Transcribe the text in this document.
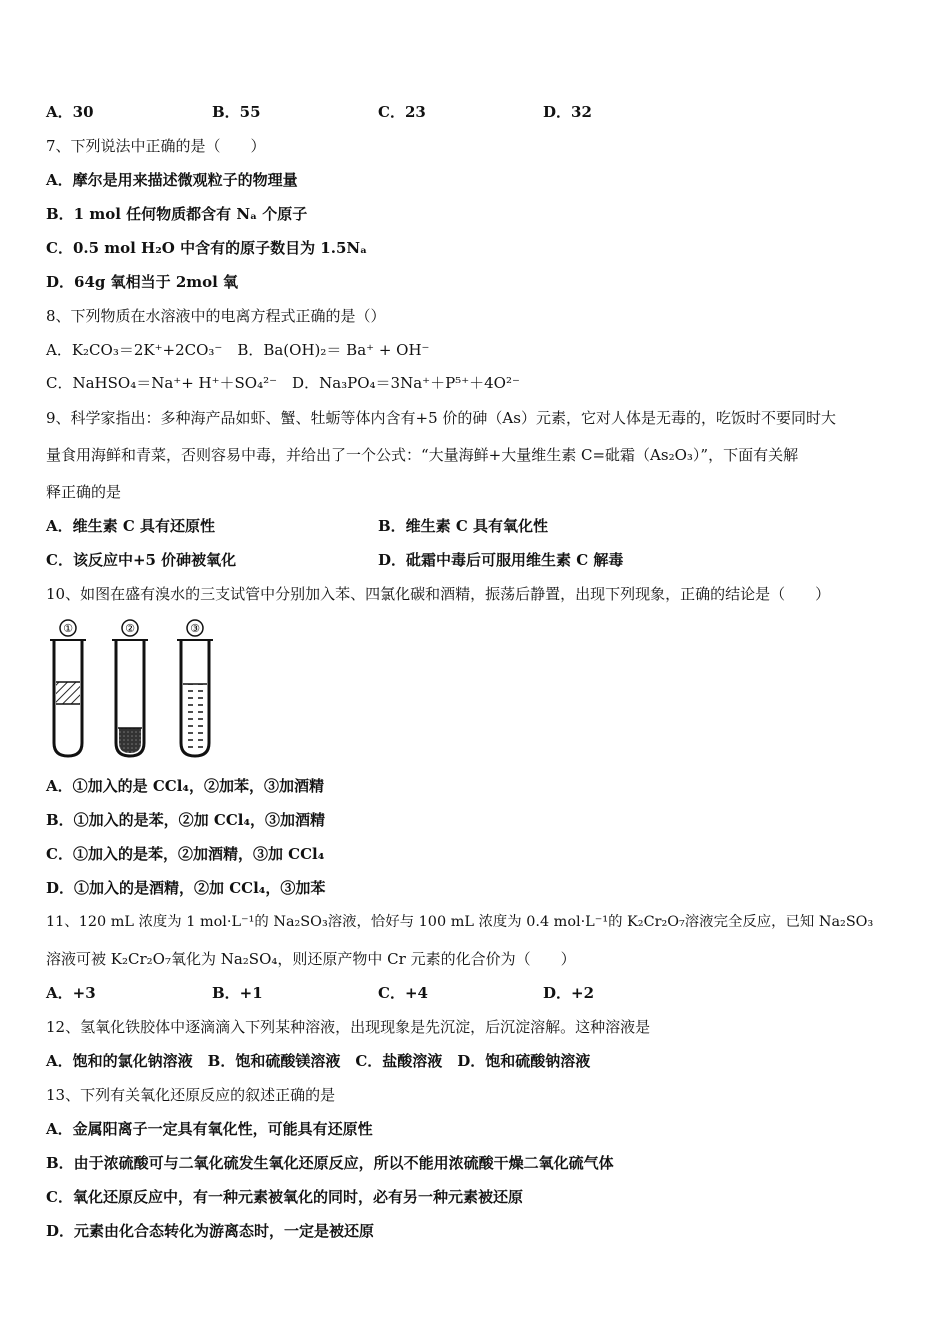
A．30	B．55	C．23	D．32
7、下列说法中正确的是（　　）
A．摩尔是用来描述微观粒子的物理量
B．1 mol 任何物质都含有 Nₐ 个原子
C．0.5 mol H₂O 中含有的原子数目为 1.5Nₐ
D．64g 氧相当于 2mol 氧
8、下列物质在水溶液中的电离方程式正确的是（）
A．K₂CO₃＝2K⁺+2CO₃⁻　B．Ba(OH)₂＝ Ba⁺ + OH⁻
C．NaHSO₄＝Na⁺+ H⁺＋SO₄²⁻　D．Na₃PO₄＝3Na⁺＋P⁵⁺＋4O²⁻
9、科学家指出：多种海产品如虾、蟹、牡蛎等体内含有+5 价的砷（As）元素，它对人体是无毒的，吃饭时不要同时大
量食用海鲜和青菜，否则容易中毒，并给出了一个公式：“大量海鲜+大量维生素 C=砒霜（As₂O₃）”，下面有关解
释正确的是
A．维生素 C 具有还原性	B．维生素 C 具有氧化性
C．该反应中+5 价砷被氧化	D．砒霜中毒后可服用维生素 C 解毒
10、如图在盛有溴水的三支试管中分别加入苯、四氯化碳和酒精，振荡后静置，出现下列现象，正确的结论是（　　）
①	②	③
A．①加入的是 CCl₄，②加苯，③加酒精
B．①加入的是苯，②加 CCl₄，③加酒精
C．①加入的是苯，②加酒精，③加 CCl₄
D．①加入的是酒精，②加 CCl₄，③加苯
11、120 mL 浓度为 1 mol·L⁻¹的 Na₂SO₃溶液，恰好与 100 mL 浓度为 0.4 mol·L⁻¹的 K₂Cr₂O₇溶液完全反应，已知 Na₂SO₃
溶液可被 K₂Cr₂O₇氧化为 Na₂SO₄，则还原产物中 Cr 元素的化合价为（　　）
A．+3	B．+1	C．+4	D．+2
12、氢氧化铁胶体中逐滴滴入下列某种溶液，出现现象是先沉淀，后沉淀溶解。这种溶液是
A．饱和的氯化钠溶液　B．饱和硫酸镁溶液　C．盐酸溶液　D．饱和硫酸钠溶液
13、下列有关氧化还原反应的叙述正确的是
A．金属阳离子一定具有氧化性，可能具有还原性
B．由于浓硫酸可与二氧化硫发生氧化还原反应，所以不能用浓硫酸干燥二氧化硫气体
C．氧化还原反应中，有一种元素被氧化的同时，必有另一种元素被还原
D．元素由化合态转化为游离态时，一定是被还原
